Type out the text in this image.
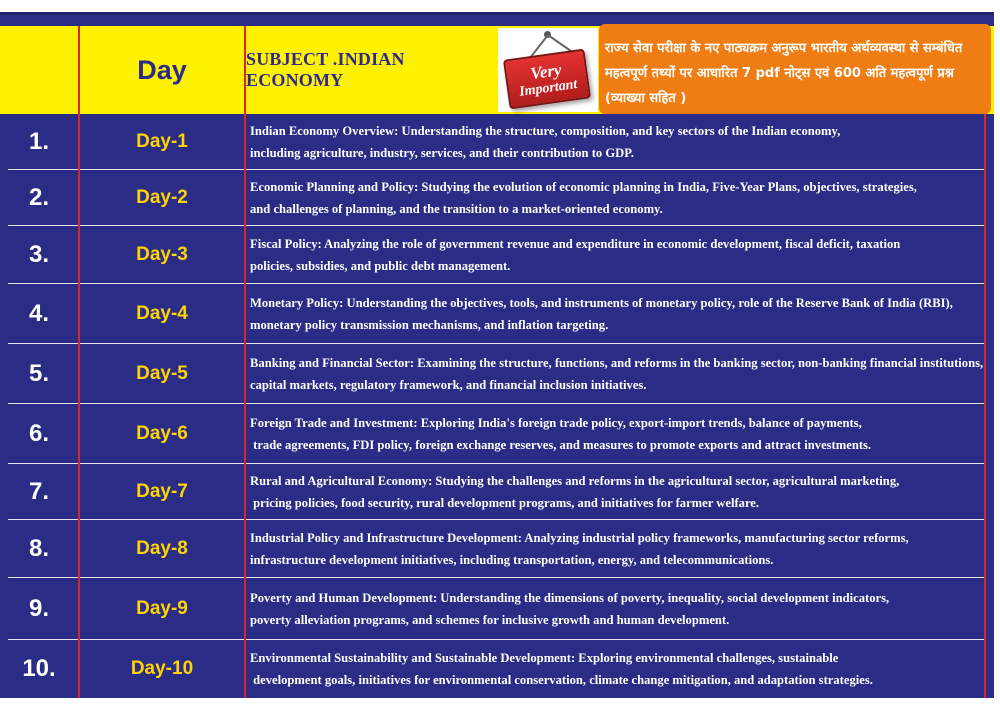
Day	SUBJECT .INDIAN ECONOMY	Very
Important
राज्य सेवा परीक्षा के नए पाठ्यक्रम अनुरूप भारतीय अर्थव्यवस्था से सम्बंधित महत्वपूर्ण तथ्यों पर आधारित 7 pdf नोट्स एवं 600 अति महत्वपूर्ण प्रश्न (व्याख्या सहित )
1.	Day-1	Indian Economy Overview: Understanding the structure, composition, and key sectors of the Indian economy,
including agriculture, industry, services, and their contribution to GDP.
2.	Day-2	Economic Planning and Policy: Studying the evolution of economic planning in India, Five-Year Plans, objectives, strategies,
and challenges of planning, and the transition to a market-oriented economy.
3.	Day-3	Fiscal Policy: Analyzing the role of government revenue and expenditure in economic development, fiscal deficit, taxation
policies, subsidies, and public debt management.
4.	Day-4	Monetary Policy: Understanding the objectives, tools, and instruments of monetary policy, role of the Reserve Bank of India (RBI),
monetary policy transmission mechanisms, and inflation targeting.
5.	Day-5	Banking and Financial Sector: Examining the structure, functions, and reforms in the banking sector, non-banking financial institutions,
capital markets, regulatory framework, and financial inclusion initiatives.
6.	Day-6	Foreign Trade and Investment: Exploring India's foreign trade policy, export-import trends, balance of payments,
trade agreements, FDI policy, foreign exchange reserves, and measures to promote exports and attract investments.
7.	Day-7	Rural and Agricultural Economy: Studying the challenges and reforms in the agricultural sector, agricultural marketing,
pricing policies, food security, rural development programs, and initiatives for farmer welfare.
8.	Day-8	Industrial Policy and Infrastructure Development: Analyzing industrial policy frameworks, manufacturing sector reforms,
infrastructure development initiatives, including transportation, energy, and telecommunications.
9.	Day-9	Poverty and Human Development: Understanding the dimensions of poverty, inequality, social development indicators,
poverty alleviation programs, and schemes for inclusive growth and human development.
10.	Day-10	Environmental Sustainability and Sustainable Development: Exploring environmental challenges, sustainable
development goals, initiatives for environmental conservation, climate change mitigation, and adaptation strategies.
